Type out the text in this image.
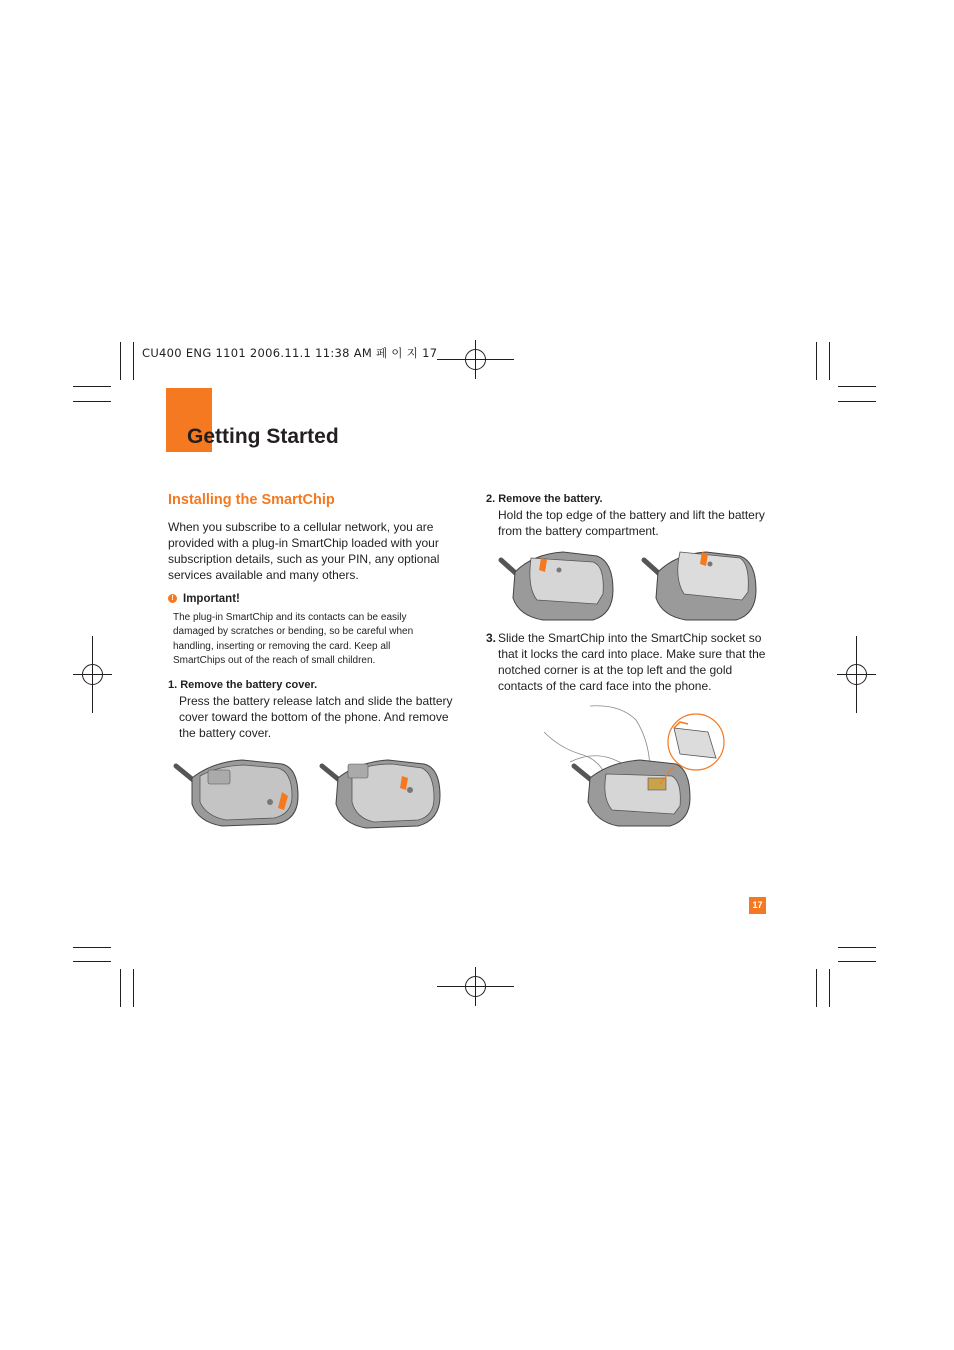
CU400 ENG 1101 2006.11.1 11:38 AM 페 이 지 17
Getting Started
Installing the SmartChip
When you subscribe to a cellular network, you are
provided with a plug-in SmartChip loaded with your
subscription details, such as your PIN, any optional
services available and many others.
! Important!
The plug-in SmartChip and its contacts can be easily
damaged by scratches or bending, so be careful when
handling, inserting or removing the card. Keep all
SmartChips out of the reach of small children.
1. Remove the battery cover.
Press the battery release latch and slide the battery
cover toward the bottom of the phone. And remove
the battery cover.
2. Remove the battery.
Hold the top edge of the battery and lift the battery
from the battery compartment.
3. Slide the SmartChip into the SmartChip socket so
that it locks the card into place. Make sure that the
notched corner is at the top left and the gold
contacts of the card face into the phone.
17
